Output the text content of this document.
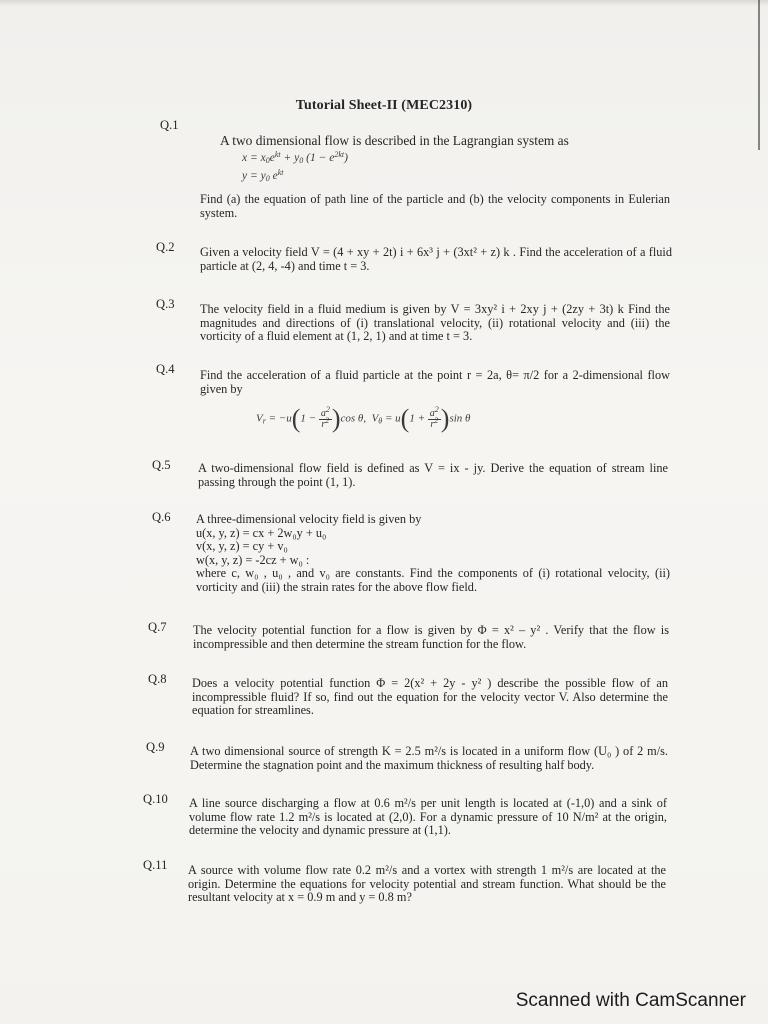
Tutorial Sheet-II (MEC2310)
Q.1
A two dimensional flow is described in the Lagrangian system as
$x = x_0e^{kt} + y_0$ $(1 - e^{2kt})$
$y = y_0$ $e^{kt}$
Find (a) the equation of path line of the particle and (b) the velocity components in Eulerian system.
Q.2 Given a velocity field V = (4 + xy + 2t) i + 6x³ j + (3xt² + z) k . Find the acceleration of a fluid particle at (2, 4, -4) and time t = 3.
Q.3 The velocity field in a fluid medium is given by V = 3xy² i + 2xy j + (2zy + 3t) k Find the magnitudes and directions of (i) translational velocity, (ii) rotational velocity and (iii) the vorticity of a fluid element at (1, 2, 1) and at time t = 3.
Q.4 Find the acceleration of a fluid particle at the point r = 2a, θ= π/2 for a 2-dimensional flow given by
$V_r = -u(1 - \frac{a^2}{r^2} )\cos$ θ,  $V_\theta = u(1 + \frac{a^2}{r^2} )\sin$ θ
Q.5 A two-dimensional flow field is defined as V = ix - jy. Derive the equation of stream line passing through the point (1, 1).
Q.6 A three-dimensional velocity field is given by

u(x, y, z) = cx + 2w₀y + u₀

v(x, y, z) = cy + v₀

w(x, y, z) = -2cz + w₀ :

where c, w₀ , u₀ , and v₀ are constants. Find the components of (i) rotational velocity, (ii) vorticity and (iii) the strain rates for the above flow field.

Q.7 The velocity potential function for a flow is given by Φ = x² – y² . Verify that the flow is incompressible and then determine the stream function for the flow.
Q.8 Does a velocity potential function Φ = 2(x² + 2y - y² ) describe the possible flow of an incompressible fluid? If so, find out the equation for the velocity vector V. Also determine the equation for streamlines.
Q.9 A two dimensional source of strength K = 2.5 m²/s is located in a uniform flow (U₀ ) of 2 m/s. Determine the stagnation point and the maximum thickness of resulting half body.
Q.10 A line source discharging a flow at 0.6 m²/s per unit length is located at (-1,0) and a sink of volume flow rate 1.2 m²/s is located at (2,0). For a dynamic pressure of 10 N/m² at the origin, determine the velocity and dynamic pressure at (1,1).
Q.11 A source with volume flow rate 0.2 m²/s and a vortex with strength 1 m²/s are located at the origin. Determine the equations for velocity potential and stream function. What should be the resultant velocity at x = 0.9 m and y = 0.8 m?
Scanned with CamScanner
